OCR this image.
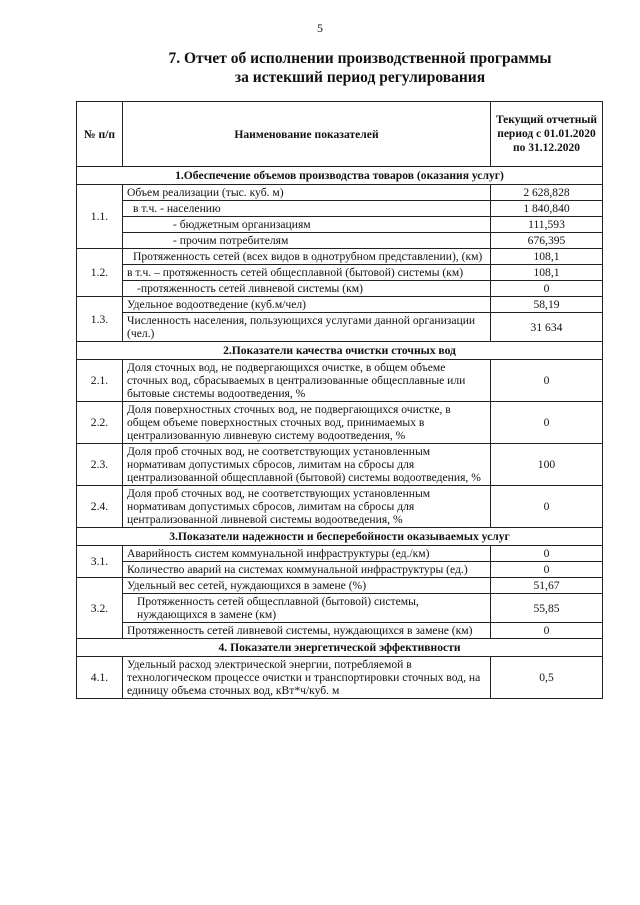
5
7. Отчет об исполнении производственной программы
за истекший период регулирования
№ п/п	Наименование показателей	Текущий отчетный период с 01.01.2020 по 31.12.2020
1.Обеспечение объемов производства товаров (оказания услуг)		
1.1.	Объем реализации (тыс. куб. м)	2 628,828
	в т.ч. - населению	1 840,840
	- бюджетным организациям	111,593
	- прочим потребителям	676,395
1.2.	Протяженность сетей (всех видов в однотрубном представлении), (км)	108,1
	в т.ч. – протяженность сетей общесплавной (бытовой) системы (км)	108,1
	-протяженность сетей ливневой системы (км)	0
1.3.	Удельное водоотведение (куб.м/чел)	58,19
	Численность населения, пользующихся услугами данной организации (чел.)	31 634
2.Показатели качества очистки сточных вод		
2.1.	Доля сточных вод, не подвергающихся очистке, в общем объеме сточных вод, сбрасываемых в централизованные общесплавные или бытовые системы водоотведения, %	0
2.2.	Доля поверхностных сточных вод, не подвергающихся очистке, в общем объеме поверхностных сточных вод, принимаемых в централизованную ливневую систему водоотведения, %	0
2.3.	Доля проб сточных вод, не соответствующих установленным нормативам допустимых сбросов, лимитам на сбросы для централизованной общесплавной (бытовой) системы водоотведения, %	100
2.4.	Доля проб сточных вод, не соответствующих установленным нормативам допустимых сбросов, лимитам на сбросы для централизованной ливневой системы водоотведения, %	0
3.Показатели надежности и бесперебойности оказываемых услуг		
3.1.	Аварийность систем коммунальной инфраструктуры (ед./км)	0
	Количество аварий на системах коммунальной инфраструктуры (ед.)	0
3.2.	Удельный вес сетей, нуждающихся в замене (%)	51,67
	Протяженность сетей общесплавной (бытовой) системы, нуждающихся в замене (км)	55,85
	Протяженность сетей ливневой системы, нуждающихся в замене (км)	0
4. Показатели энергетической эффективности		
4.1.	Удельный расход электрической энергии, потребляемой в технологическом процессе очистки и транспортировки сточных вод, на единицу объема сточных вод, кВт*ч/куб. м	0,5
